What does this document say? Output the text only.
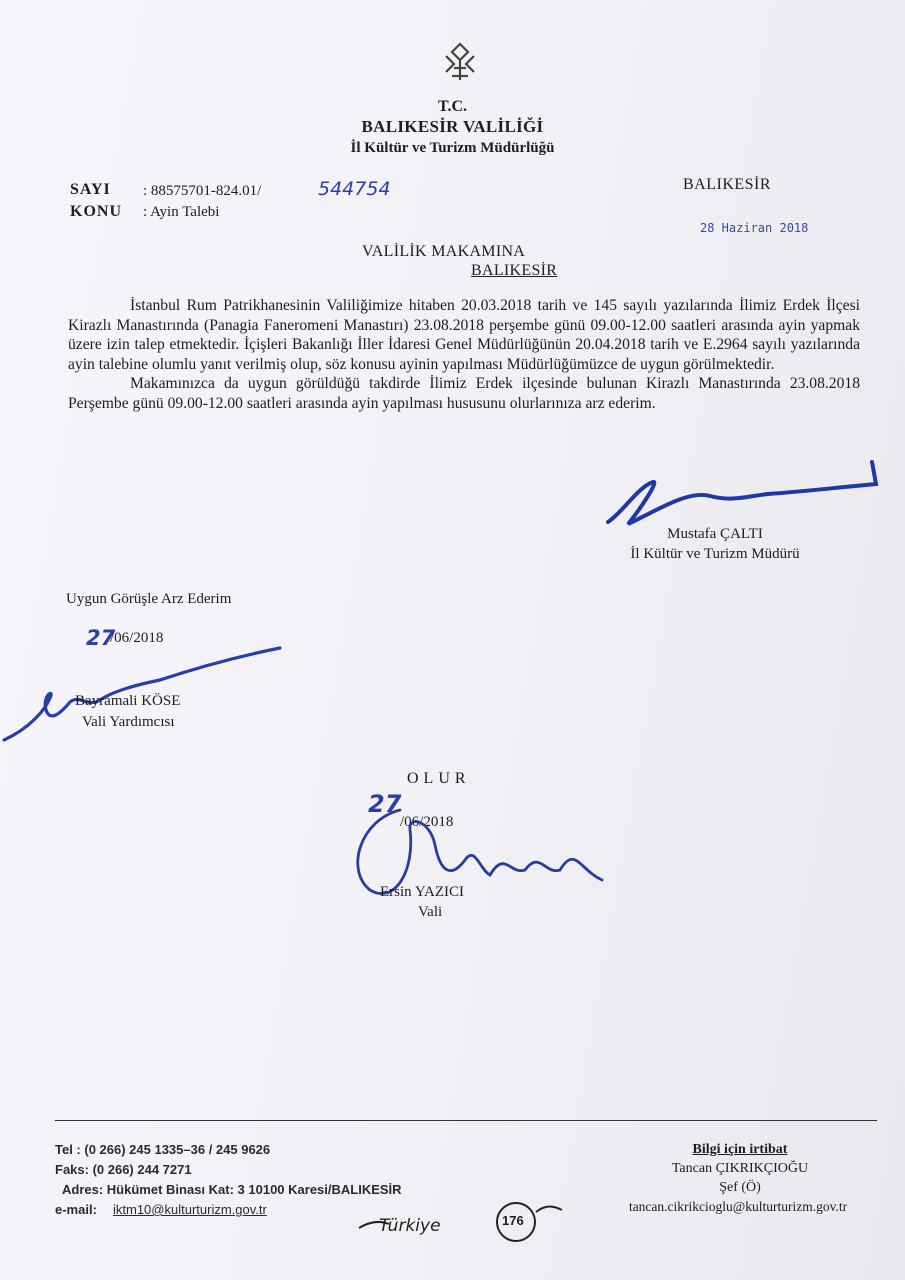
T.C.
BALIKESİR VALİLİĞİ
İl Kültür ve Turizm Müdürlüğü
SAYI : 88575701-824.01/	544754
KONU : Ayin Talebi
BALIKESİR
28 Haziran 2018
VALİLİK MAKAMINA
BALIKESİR

İstanbul Rum Patrikhanesinin Valiliğimize hitaben 20.03.2018 tarih ve 145 sayılı yazılarında İlimiz Erdek İlçesi Kirazlı Manastırında (Panagia Faneromeni Manastırı) 23.08.2018 perşembe günü 09.00-12.00 saatleri arasında ayin yapmak üzere izin talep etmektedir. İçişleri Bakanlığı İller İdaresi Genel Müdürlüğünün 20.04.2018 tarih ve E.2964 sayılı yazılarında ayin talebine olumlu yanıt verilmiş olup, söz konusu ayinin yapılması Müdürlüğümüzce de uygun görülmektedir.

Makamınızca da uygun görüldüğü takdirde İlimiz Erdek ilçesinde bulunan Kirazlı Manastırında 23.08.2018 Perşembe günü 09.00-12.00 saatleri arasında ayin yapılması hususunu olurlarınıza arz ederim.

Mustafa ÇALTI
İl Kültür ve Turizm Müdürü
Uygun Görüşle Arz Ederim
27
/06/2018
Bayramali KÖSE
Vali Yardımcısı
OLUR
27
/06/2018
Ersin YAZICI
Vali
Tel : (0 266) 245 1335–36 / 245 9626
Faks: (0 266) 244 7271
Adres: Hükümet Binası Kat: 3 10100 Karesi/BALIKESİR
e-mail: iktm10@kulturturizm.gov.tr
Türkiye	176
Bilgi için irtibat
Tancan ÇIKRIKÇIOĞU
Şef (Ö)
tancan.cikrikcioglu@kulturturizm.gov.tr
